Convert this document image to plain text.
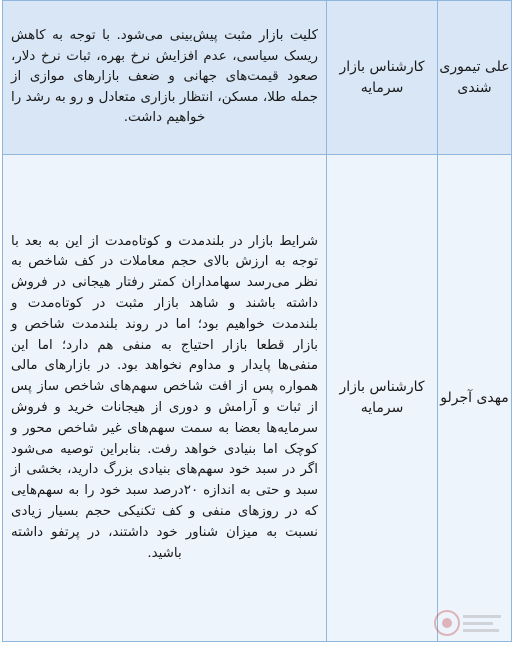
علی تیموری شندی	کارشناس بازار سرمایه	کلیت بازار مثبت پیش‌بینی می‌شود. با توجه به کاهش ریسک سیاسی، عدم افزایش نرخ بهره، ثبات نرخ دلار، صعود قیمت‌های جهانی و ضعف بازارهای موازی از جمله طلا، مسکن، انتظار بازاری متعادل و رو به رشد را خواهیم داشت.
مهدی آجرلو	کارشناس بازار سرمایه	شرایط بازار در بلندمدت و کوتاه‌مدت از این به بعد با توجه به ارزش بالای حجم معاملات در کف شاخص به نظر می‌رسد سهامداران کمتر رفتار هیجانی در فروش داشته باشند و شاهد بازار مثبت در کوتاه‌مدت و بلندمدت خواهیم بود؛ اما در روند بلندمدت شاخص و بازار قطعا بازار احتیاج به منفی هم دارد؛ اما این منفی‌ها پایدار و مداوم نخواهد بود. در بازارهای مالی همواره پس از افت شاخص سهم‌های شاخص ساز پس از ثبات و آرامش و دوری از هیجانات خرید و فروش سرمایه‌ها بعضا به سمت سهم‌های غیر شاخص محور و کوچک اما بنیادی خواهد رفت. بنابراین توصیه می‌شود اگر در سبد خود سهم‌های بنیادی بزرگ دارید، بخشی از سبد و حتی به اندازه ۲۰درصد سبد خود را به سهم‌هایی که در روزهای منفی و کف تکنیکی حجم بسیار زیادی نسبت به میزان شناور خود داشتند، در پرتفو داشته باشید.
